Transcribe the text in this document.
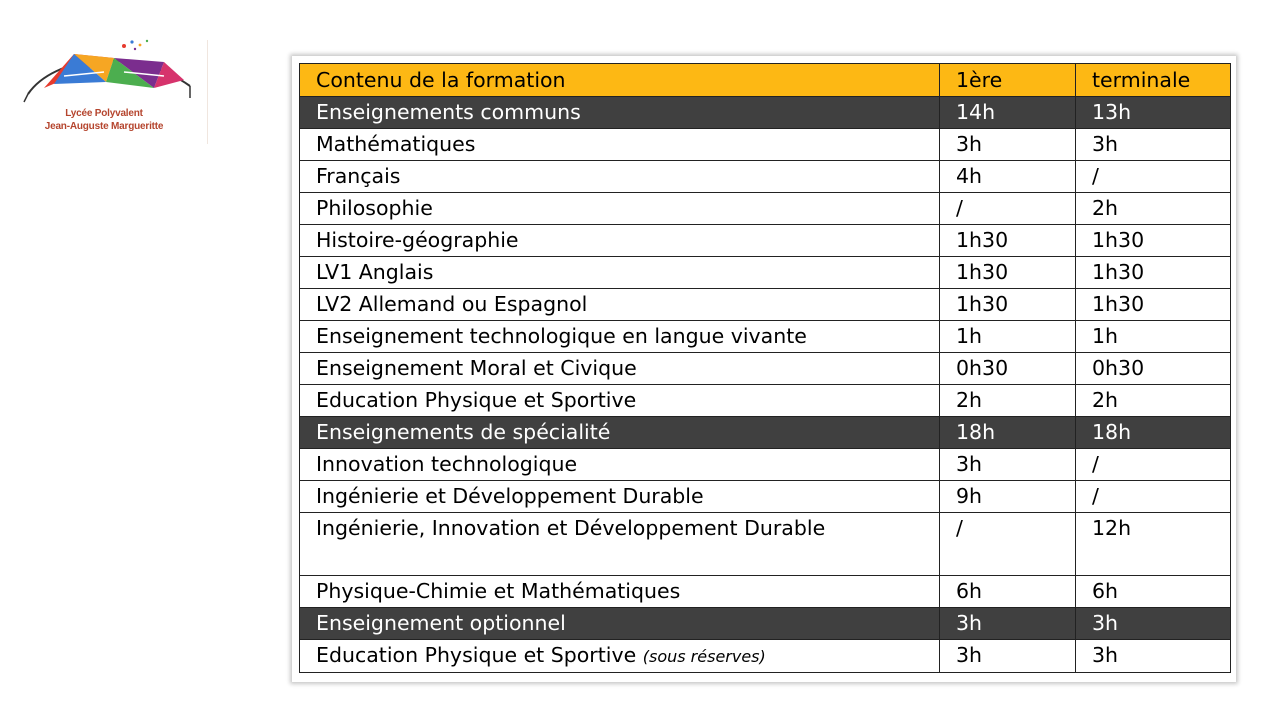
Lycée Polyvalent
Jean-Auguste Margueritte
Contenu de la formation	1ère	terminale
Enseignements communs	14h	13h
Mathématiques	3h	3h
Français	4h	/
Philosophie	/	2h
Histoire-géographie	1h30	1h30
LV1 Anglais	1h30	1h30
LV2 Allemand ou Espagnol	1h30	1h30
Enseignement technologique en langue vivante	1h	1h
Enseignement Moral et Civique	0h30	0h30
Education Physique et Sportive	2h	2h
Enseignements de spécialité	18h	18h
Innovation technologique	3h	/
Ingénierie et Développement Durable	9h	/
Ingénierie, Innovation et Développement Durable	/	12h
Physique-Chimie et Mathématiques	6h	6h
Enseignement optionnel	3h	3h
Education Physique et Sportive (sous réserves)	3h	3h
